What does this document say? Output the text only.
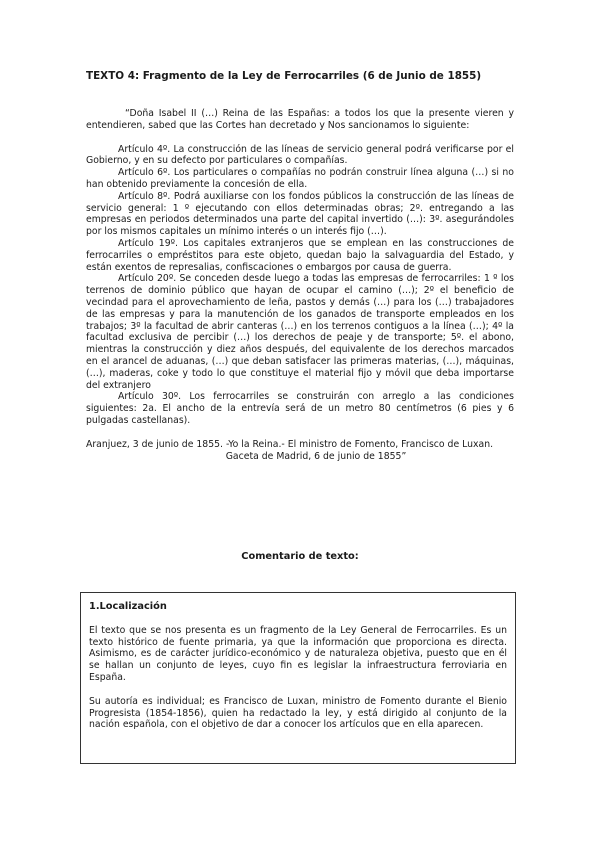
TEXTO 4: Fragmento de la Ley de Ferrocarriles (6 de Junio de 1855)

“Doña Isabel II (…) Reina de las Españas: a todos los que la presente vieren y entendieren, sabed que las Cortes han decretado y Nos sancionamos lo siguiente:

Artículo 4º. La construcción de las líneas de servicio general podrá verificarse por el Gobierno, y en su defecto por particulares o compañías.

Artículo 6º. Los particulares o compañías no podrán construir línea alguna (…) si no han obtenido previamente la concesión de ella.

Artículo 8º. Podrá auxiliarse con los fondos públicos la construcción de las líneas de servicio general: 1 º ejecutando con ellos determinadas obras; 2º. entregando a las empresas en periodos determinados una parte del capital invertido (…): 3º. asegurándoles por los mismos capitales un mínimo interés o un interés fijo (…).

Artículo 19º. Los capitales extranjeros que se emplean en las construcciones de ferrocarriles o empréstitos para este objeto, quedan bajo la salvaguardia del Estado, y están exentos de represalias, confiscaciones o embargos por causa de guerra.

Artículo 20º. Se conceden desde luego a todas las empresas de ferrocarriles: 1 º los terrenos de dominio público que hayan de ocupar el camino (…); 2º el beneficio de vecindad para el aprovechamiento de leña, pastos y demás (…) para los (…) trabajadores de las empresas y para la manutención de los ganados de transporte empleados en los trabajos; 3º la facultad de abrir canteras (…) en los terrenos contiguos a la línea (…); 4º la facultad exclusiva de percibir (…) los derechos de peaje y de transporte; 5º. el abono, mientras la construcción y diez años después, del equivalente de los derechos marcados en el arancel de aduanas, (…) que deban satisfacer las primeras materias, (…), máquinas, (…), maderas, coke y todo lo que constituye el material fijo y móvil que deba importarse del extranjero

Artículo 30º. Los ferrocarriles se construirán con arreglo a las condiciones siguientes: 2a. El ancho de la entrevía será de un metro 80 centímetros (6 pies y 6 pulgadas castellanas).

Aranjuez, 3 de junio de 1855. -Yo la Reina.- El ministro de Fomento, Francisco de Luxan.

Gaceta de Madrid, 6 de junio de 1855”

Comentario de texto:
1.Localización

El texto que se nos presenta es un fragmento de la Ley General de Ferrocarriles. Es un texto histórico de fuente primaria, ya que la información que proporciona es directa. Asimismo, es de carácter jurídico-económico y de naturaleza objetiva, puesto que en él se hallan un conjunto de leyes, cuyo fin es legislar la infraestructura ferroviaria en España.

Su autoría es individual; es Francisco de Luxan, ministro de Fomento durante el Bienio Progresista (1854-1856), quien ha redactado la ley, y está dirigido al conjunto de la nación española, con el objetivo de dar a conocer los artículos que en ella aparecen.
